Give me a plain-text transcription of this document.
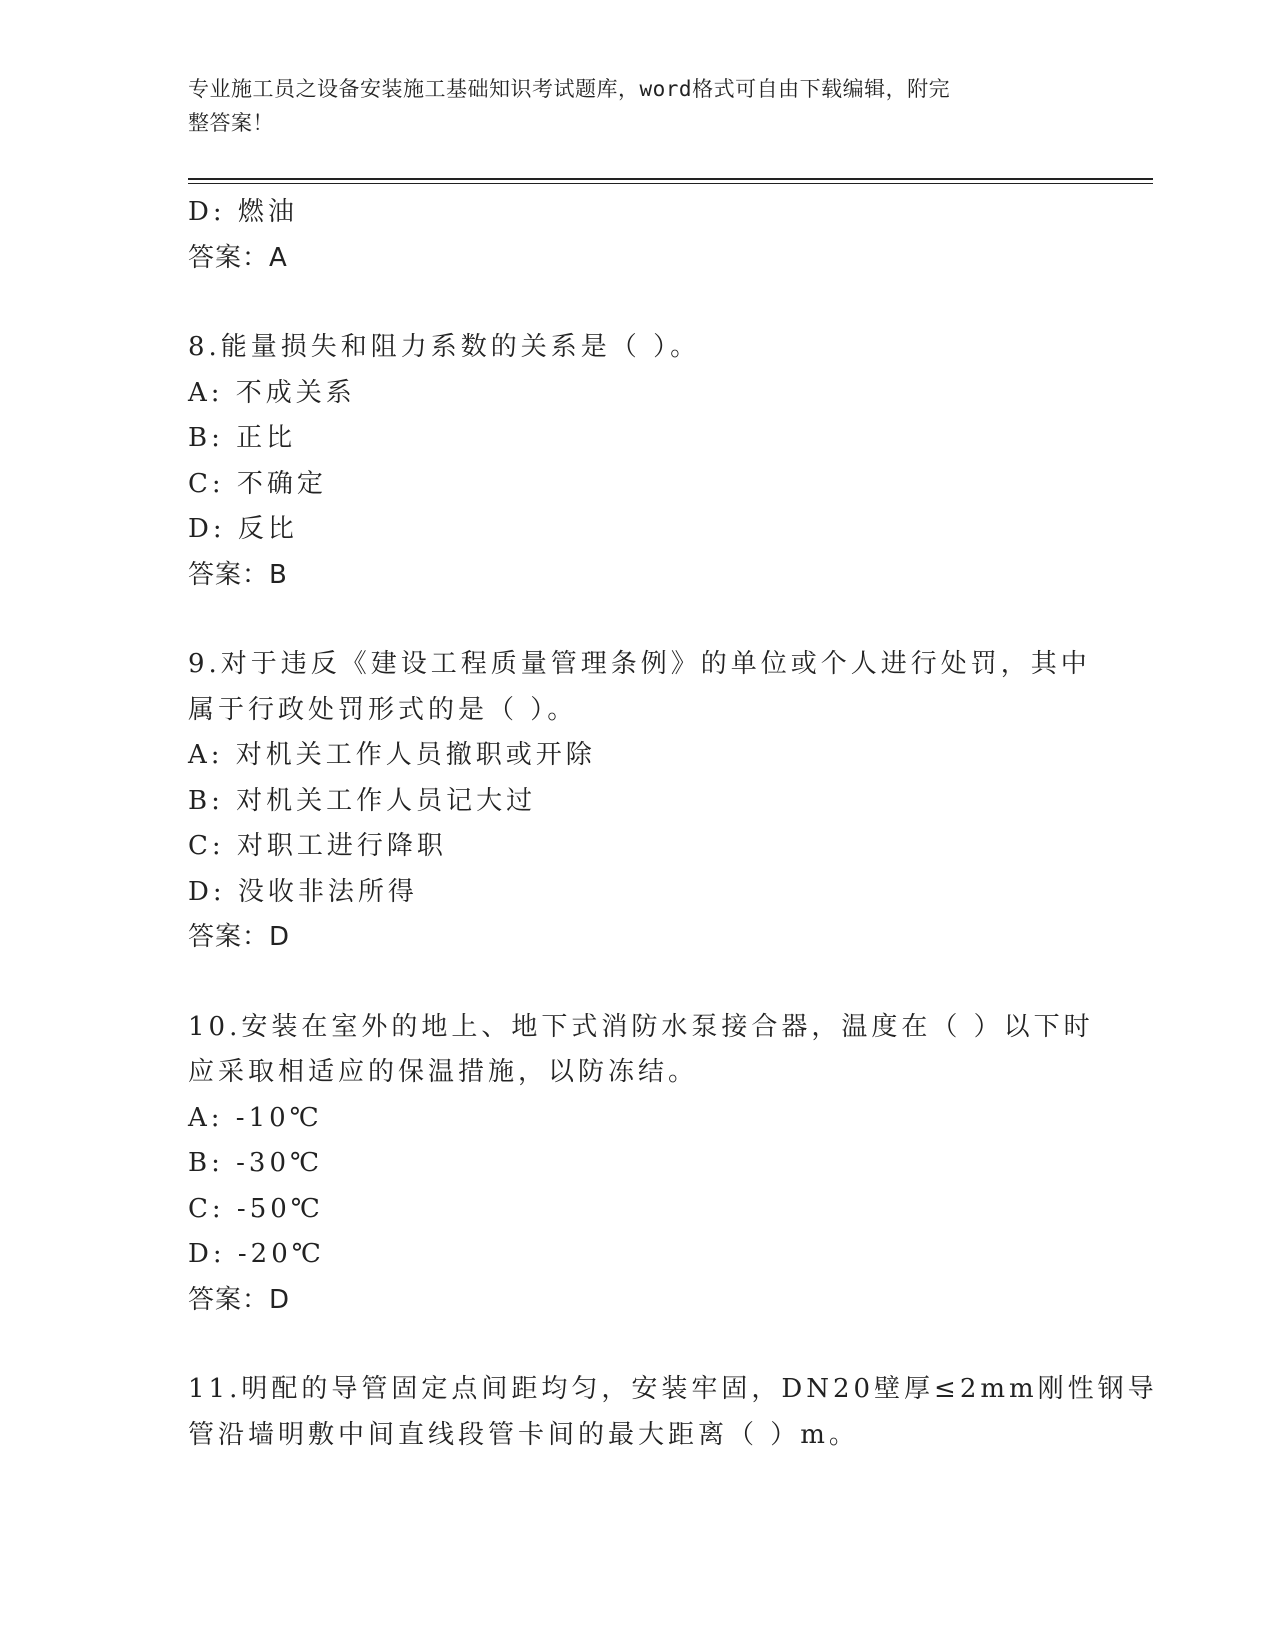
专业施工员之设备安装施工基础知识考试题库，word格式可自由下载编辑，附完
整答案！
D: 燃油
答案：A
8.能量损失和阻力系数的关系是（ ）。
A: 不成关系
B: 正比
C: 不确定
D: 反比
答案：B
9.对于违反《建设工程质量管理条例》的单位或个人进行处罚，其中
属于行政处罚形式的是（ ）。
A: 对机关工作人员撤职或开除
B: 对机关工作人员记大过
C: 对职工进行降职
D: 没收非法所得
答案：D
10.安装在室外的地上、地下式消防水泵接合器，温度在（ ）以下时
应采取相适应的保温措施，以防冻结。
A: -10℃
B: -30℃
C: -50℃
D: -20℃
答案：D
11.明配的导管固定点间距均匀，安装牢固，DN20壁厚≤2mm刚性钢导
管沿墙明敷中间直线段管卡间的最大距离（ ）m。
